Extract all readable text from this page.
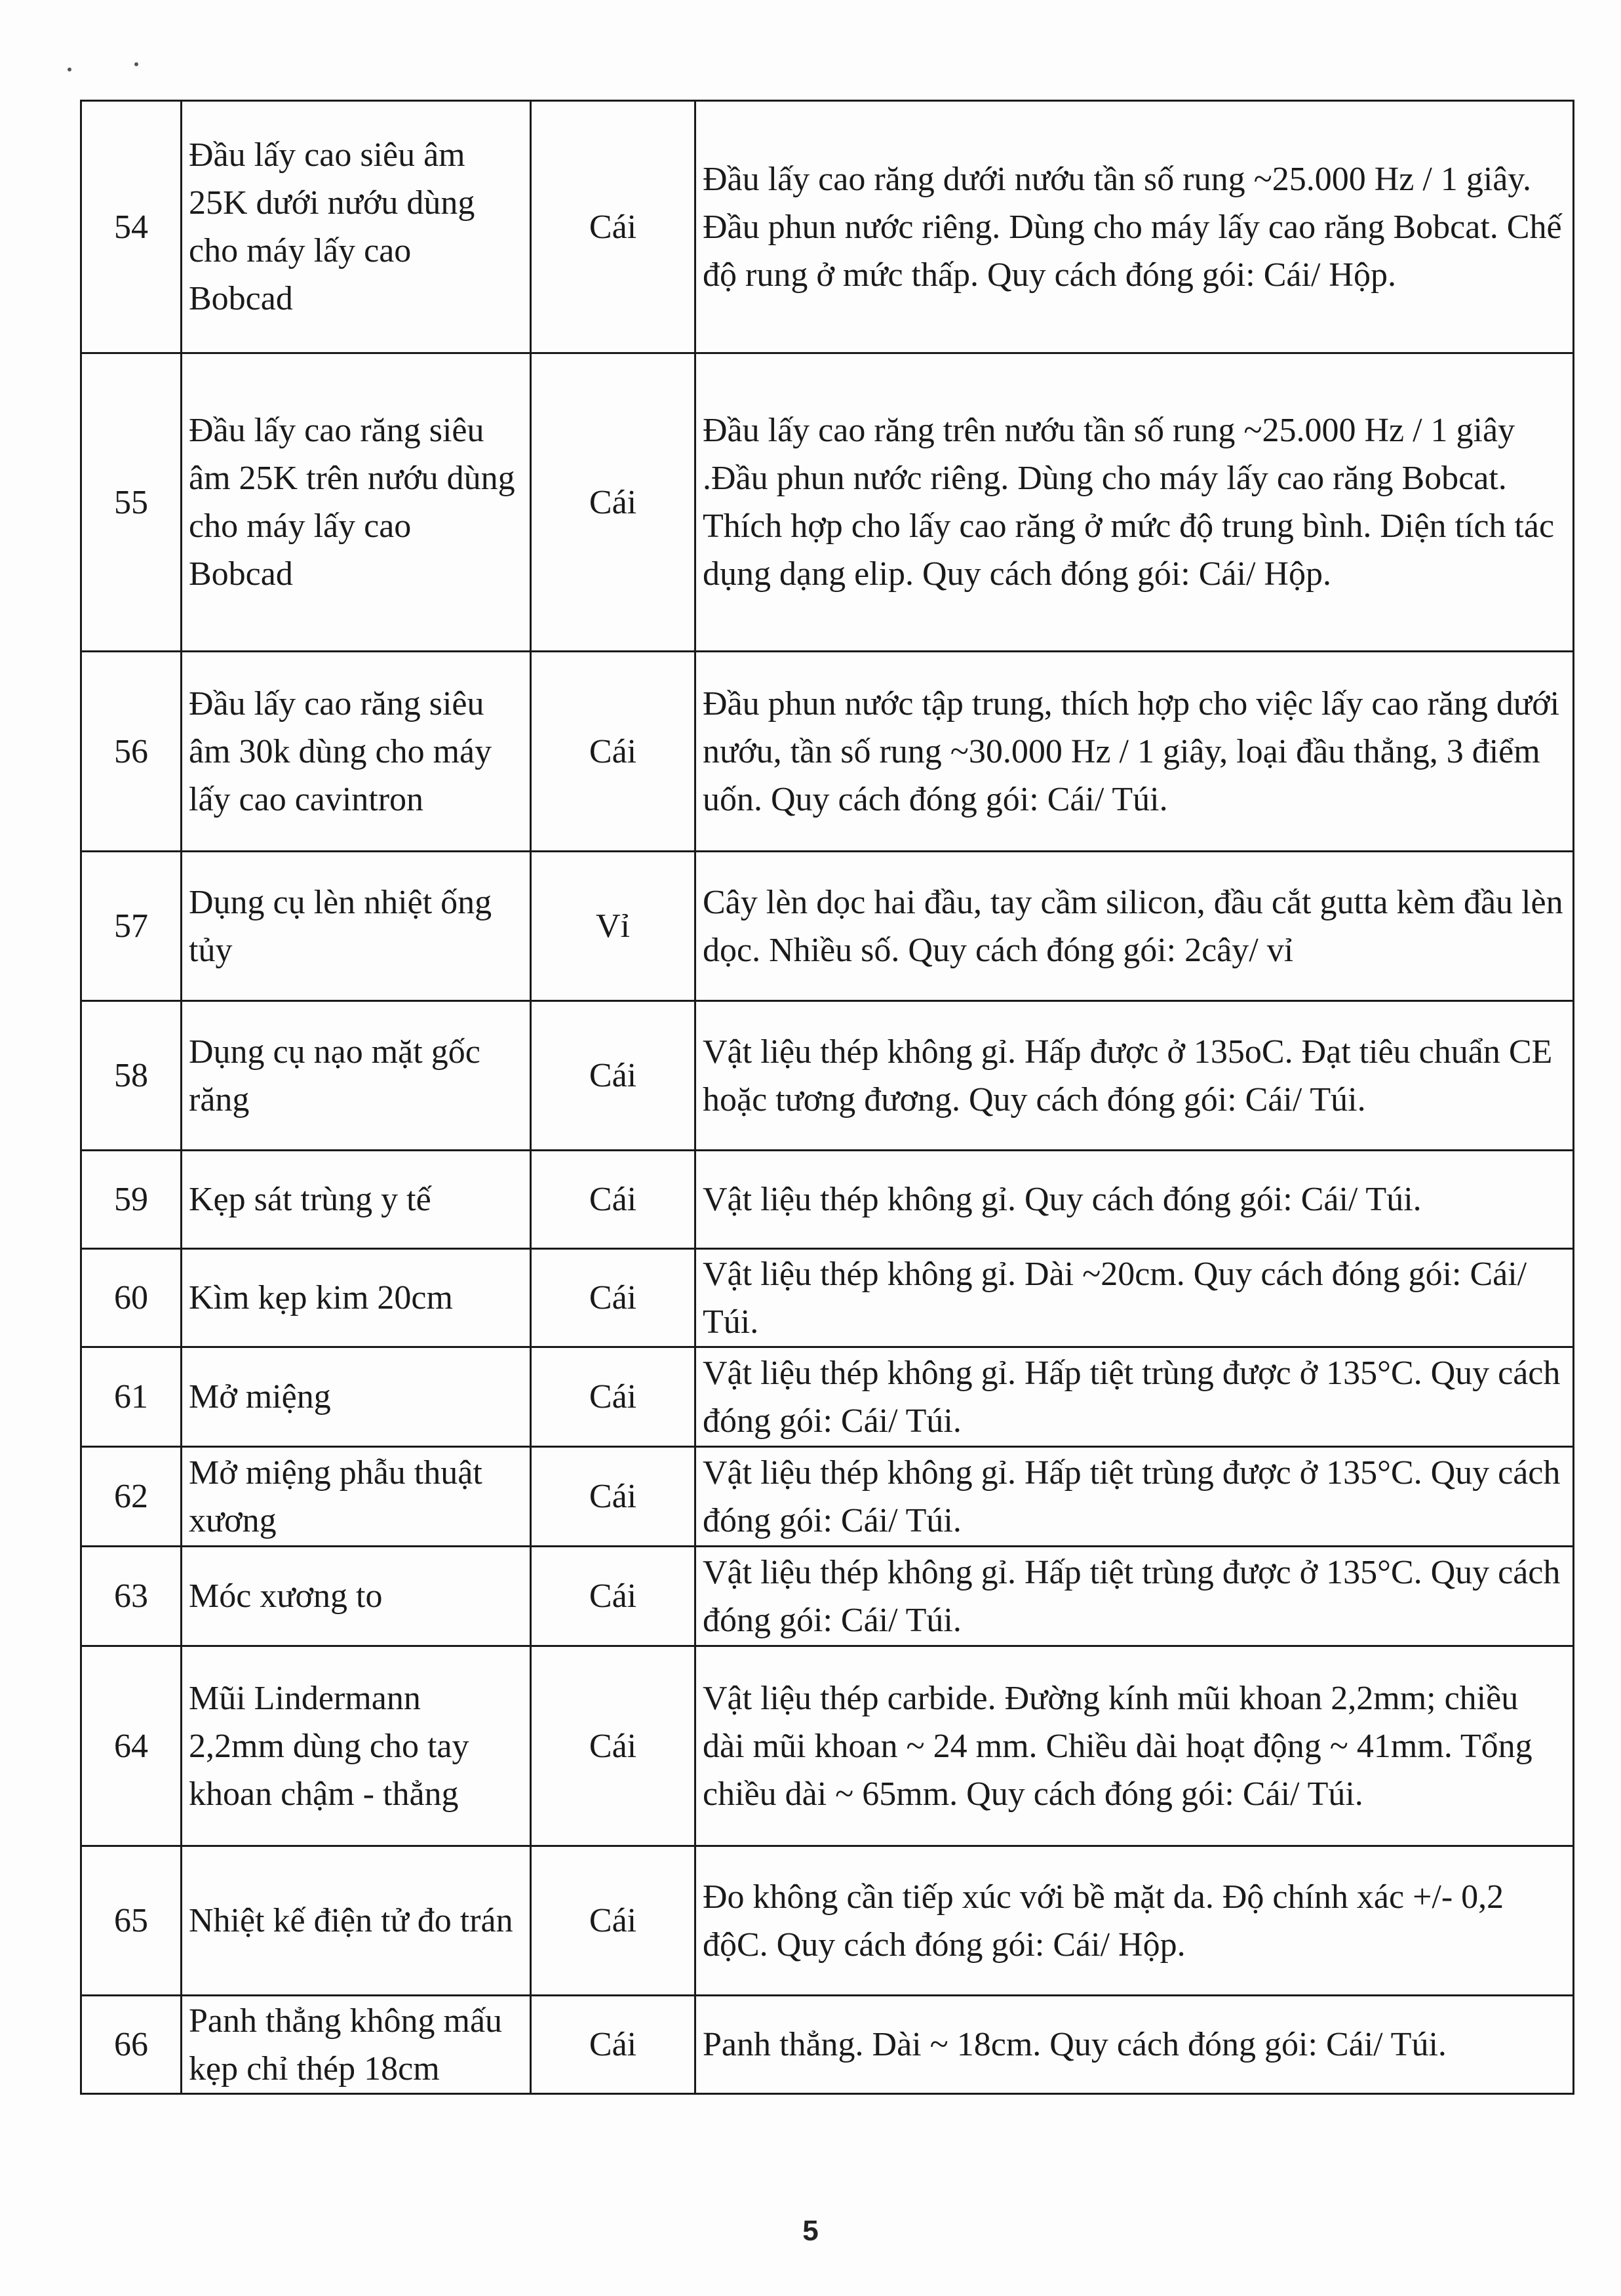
54	Đầu lấy cao siêu âm 25K dưới nướu dùng cho máy lấy cao Bobcad	Cái	Đầu lấy cao răng dưới nướu tần số rung ~25.000 Hz / 1 giây. Đầu phun nước riêng. Dùng cho máy lấy cao răng Bobcat. Chế độ rung ở mức thấp. Quy cách đóng gói: Cái/ Hộp.
55	Đầu lấy cao răng siêu âm 25K trên nướu dùng cho máy lấy cao Bobcad	Cái	Đầu lấy cao răng trên nướu tần số rung ~25.000 Hz / 1 giây .Đầu phun nước riêng. Dùng cho máy lấy cao răng Bobcat. Thích hợp cho lấy cao răng ở mức độ trung bình. Diện tích tác dụng dạng elip. Quy cách đóng gói: Cái/ Hộp.
56	Đầu lấy cao răng siêu âm 30k dùng cho máy lấy cao cavintron	Cái	Đầu phun nước tập trung, thích hợp cho việc lấy cao răng dưới nướu, tần số rung ~30.000 Hz / 1 giây, loại đầu thẳng, 3 điểm uốn. Quy cách đóng gói: Cái/ Túi.
57	Dụng cụ lèn nhiệt ống tủy	Vỉ	Cây lèn dọc hai đầu, tay cầm silicon, đầu cắt gutta kèm đầu lèn dọc. Nhiều số. Quy cách đóng gói: 2cây/ vỉ
58	Dụng cụ nạo mặt gốc răng	Cái	Vật liệu thép không gỉ. Hấp được ở 135oC. Đạt tiêu chuẩn CE hoặc tương đương. Quy cách đóng gói: Cái/ Túi.
59	Kẹp sát trùng y tế	Cái	Vật liệu thép không gỉ. Quy cách đóng gói: Cái/ Túi.
60	Kìm kẹp kim 20cm	Cái	Vật liệu thép không gỉ. Dài ~20cm. Quy cách đóng gói: Cái/ Túi.
61	Mở miệng	Cái	Vật liệu thép không gỉ. Hấp tiệt trùng được ở 135°C. Quy cách đóng gói: Cái/ Túi.
62	Mở miệng phẫu thuật xương	Cái	Vật liệu thép không gỉ. Hấp tiệt trùng được ở 135°C. Quy cách đóng gói: Cái/ Túi.
63	Móc xương to	Cái	Vật liệu thép không gỉ. Hấp tiệt trùng được ở 135°C. Quy cách đóng gói: Cái/ Túi.
64	Mũi Lindermann 2,2mm dùng cho tay khoan chậm - thẳng	Cái	Vật liệu thép carbide. Đường kính mũi khoan 2,2mm; chiều dài mũi khoan ~ 24 mm. Chiều dài hoạt động ~ 41mm. Tổng chiều dài ~ 65mm. Quy cách đóng gói: Cái/ Túi.
65	Nhiệt kế điện tử đo trán	Cái	Đo không cần tiếp xúc với bề mặt da. Độ chính xác +/- 0,2 độC. Quy cách đóng gói: Cái/ Hộp.
66	Panh thẳng không mấu kẹp chỉ thép 18cm	Cái	Panh thẳng. Dài ~ 18cm. Quy cách đóng gói: Cái/ Túi.
5
